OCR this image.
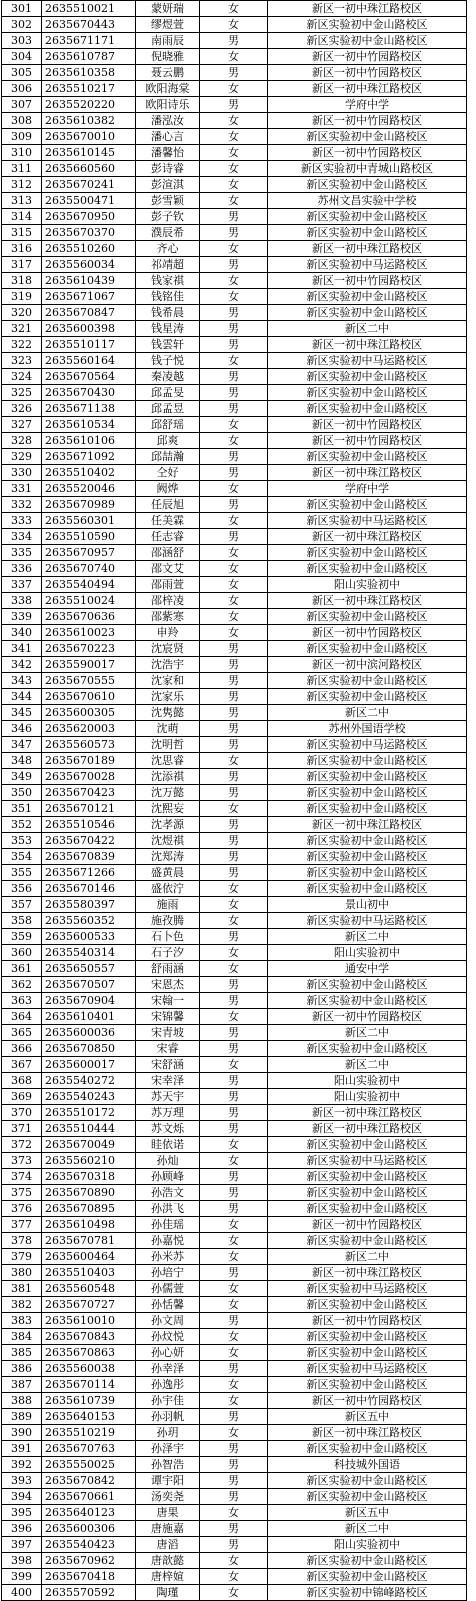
301	2635510021	蒙妍瑞	女	新区一初中珠江路校区
302	2635670443	缪煜萱	女	新区实验初中金山路校区
303	2635671171	南雨辰	男	新区实验初中金山路校区
304	2635610787	倪晓雅	女	新区一初中竹园路校区
305	2635610358	聂云鹏	男	新区一初中竹园路校区
306	2635510217	欧阳海棠	女	新区一初中珠江路校区
307	2635520220	欧阳诗乐	男	学府中学
308	2635610382	潘泓汝	女	新区一初中竹园路校区
309	2635670010	潘心言	女	新区实验初中金山路校区
310	2635610145	潘馨怡	女	新区一初中竹园路校区
311	2635660560	彭诗睿	女	新区实验初中青城山路校区
312	2635670241	彭渲淇	女	新区实验初中金山路校区
313	2635500471	彭雪颖	女	苏州文昌实验中学校
314	2635670950	彭子钦	男	新区实验初中金山路校区
315	2635670370	濮辰希	男	新区实验初中金山路校区
316	2635510260	齐心	女	新区一初中珠江路校区
317	2635560034	祁靖超	男	新区实验初中马运路校区
318	2635610439	钱家祺	女	新区一初中竹园路校区
319	2635671067	钱铭佳	女	新区实验初中金山路校区
320	2635670847	钱希晨	男	新区实验初中金山路校区
321	2635600398	钱星涛	男	新区二中
322	2635510117	钱雲轩	男	新区一初中珠江路校区
323	2635560164	钱子悦	女	新区实验初中马运路校区
324	2635670564	秦凌越	男	新区实验初中金山路校区
325	2635670430	邱孟旻	男	新区实验初中金山路校区
326	2635671138	邱孟昱	男	新区实验初中金山路校区
327	2635610534	邱舒瑶	女	新区一初中竹园路校区
328	2635610106	邱爽	女	新区一初中竹园路校区
329	2635671092	邱喆瀚	男	新区实验初中金山路校区
330	2635510402	仝好	男	新区一初中珠江路校区
331	2635520046	阙烨	女	学府中学
332	2635670989	任辰旭	男	新区实验初中金山路校区
333	2635560301	任美霖	女	新区实验初中马运路校区
334	2635510590	任志睿	男	新区一初中珠江路校区
335	2635670957	邵涵舒	女	新区实验初中金山路校区
336	2635670740	邵文艾	女	新区实验初中金山路校区
337	2635540494	邵雨萱	女	阳山实验初中
338	2635510024	邵梓凌	女	新区一初中珠江路校区
339	2635670636	邵紫寒	女	新区实验初中金山路校区
340	2635610023	申羚	女	新区一初中竹园路校区
341	2635670223	沈宸贤	男	新区实验初中金山路校区
342	2635590017	沈浩宇	男	新区一初中滨河路校区
343	2635670555	沈家和	男	新区实验初中金山路校区
344	2635670610	沈家乐	男	新区实验初中金山路校区
345	2635600305	沈隽懿	男	新区二中
346	2635620003	沈萌	男	苏州外国语学校
347	2635560573	沈明哲	男	新区实验初中马运路校区
348	2635670189	沈思睿	女	新区实验初中金山路校区
349	2635670028	沈添祺	男	新区实验初中金山路校区
350	2635670423	沈万懿	男	新区实验初中金山路校区
351	2635670121	沈熙妄	女	新区实验初中金山路校区
352	2635510546	沈孝源	男	新区一初中珠江路校区
353	2635670422	沈煜祺	男	新区实验初中金山路校区
354	2635670839	沈郑涛	男	新区实验初中金山路校区
355	2635671266	盛黄晨	男	新区实验初中金山路校区
356	2635670146	盛依泞	女	新区实验初中金山路校区
357	2635580397	施雨	女	景山初中
358	2635560352	施孜腾	女	新区实验初中马运路校区
359	2635600533	石卜色	男	新区二中
360	2635540314	石子汐	女	阳山实验初中
361	2635650557	舒雨涵	女	通安中学
362	2635670507	宋恩杰	男	新区实验初中金山路校区
363	2635670904	宋翰一	男	新区实验初中金山路校区
364	2635610401	宋锦馨	女	新区一初中竹园路校区
365	2635600036	宋青坡	男	新区二中
366	2635670850	宋睿	男	新区实验初中金山路校区
367	2635600017	宋舒涵	女	新区二中
368	2635540272	宋幸泽	男	阳山实验初中
369	2635540243	苏天宇	男	阳山实验初中
370	2635510172	苏万理	男	新区一初中珠江路校区
371	2635510444	苏文烁	男	新区一初中珠江路校区
372	2635670049	眭依诺	女	新区实验初中金山路校区
373	2635560210	孙灿	女	新区实验初中马运路校区
374	2635670318	孙顾峰	男	新区实验初中金山路校区
375	2635670890	孙浩文	男	新区实验初中金山路校区
376	2635670895	孙洪飞	男	新区实验初中金山路校区
377	2635610498	孙佳瑶	女	新区一初中竹园路校区
378	2635670781	孙嘉悦	女	新区实验初中金山路校区
379	2635600464	孙米苏	女	新区二中
380	2635510403	孙培宁	男	新区一初中珠江路校区
381	2635560548	孙儒萱	女	新区实验初中马运路校区
382	2635670727	孙恬馨	女	新区实验初中金山路校区
383	2635610010	孙文周	男	新区一初中竹园路校区
384	2635670843	孙炆悦	女	新区实验初中金山路校区
385	2635670863	孙心妍	女	新区实验初中金山路校区
386	2635560038	孙幸泽	男	新区实验初中马运路校区
387	2635670114	孙逸彤	女	新区实验初中金山路校区
388	2635610739	孙宇佳	女	新区一初中竹园路校区
389	2635640153	孙羽帆	男	新区五中
390	2635510219	孙玥	女	新区一初中珠江路校区
391	2635670763	孙泽宇	男	新区实验初中金山路校区
392	2635550025	孙智浩	男	科技城外国语
393	2635670842	谭宇阳	男	新区实验初中金山路校区
394	2635670661	汤奕尧	男	新区实验初中金山路校区
395	2635640123	唐果	女	新区五中
396	2635600306	唐施嘉	男	新区二中
397	2635540423	唐滔	男	阳山实验初中
398	2635670962	唐歆懿	女	新区实验初中金山路校区
399	2635670418	唐梓媗	女	新区实验初中金山路校区
400	2635570592	陶瑾	女	新区实验初中锦峰路校区
